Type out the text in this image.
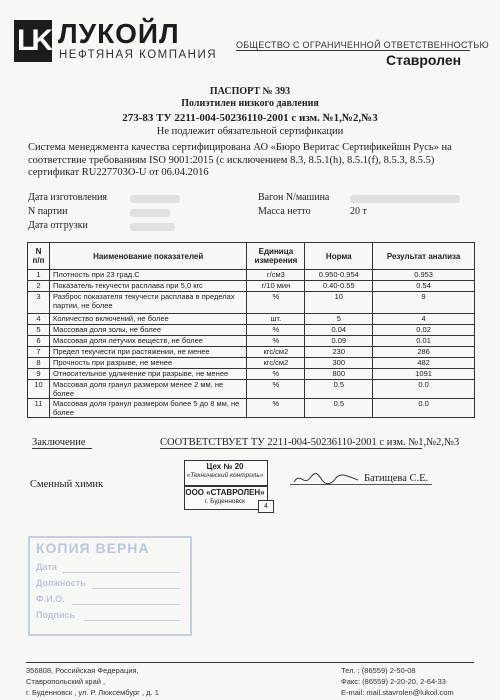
LK ЛУКОЙЛ
НЕФТЯНАЯ КОМПАНИЯ
ОБЩЕСТВО С ОГРАНИЧЕННОЙ ОТВЕТСТВЕННОСТЬЮ
Ставролен
ПАСПОРТ № 393
Полиэтилен низкого давления
273-83 ТУ 2211-004-50236110-2001 с изм. №1,№2,№3
Не подлежит обязательной сертификации
Система менеджмента качества сертифицирована АО «Бюро Веритас Сертификейшн Русь» на соответствие требованиям ISO 9001:2015 (с исключением 8.3, 8.5.1(h), 8.5.1(f), 8.5.3, 8.5.5) сертификат RU227703O-U от 06.04.2016
Дата изготовления
N партии
Дата отгрузки
Вагон N/машина
Масса нетто	20 т
N п/п	Наименование показателей	Единица измерения	Норма	Результат анализа
1	Плотность при 23 град.С	г/см3	0.950-0.954	0.953
2	Показатель текучести расплава при 5,0 кгс	г/10 мин	0.40-0.55	0.54
3	Разброс показателя текучести расплава в пределах партии, не более	%	10	9
4	Количество включений, не более	шт.	5	4
5	Массовая доля золы, не более	%	0.04	0.02
6	Массовая доля летучих веществ, не более	%	0.09	0.01
7	Предел текучести при растяжении, не менее	кгс/см2	230	286
8	Прочность при разрыве, не менее	кгс/см2	300	482
9	Относительное удлинение при разрыве, не менее	%	800	1091
10	Массовая доля гранул размером менее 2 мм, не более	%	0.5	0.0
11	Массовая доля гранул размером более 5 до 8 мм, не более	%	0.5	0.0
Заключение	СООТВЕТСТВУЕТ ТУ 2211-004-50236110-2001 с изм. №1,№2,№3
Цех № 20
«Технический контроль»
ООО «СТАВРОЛЕН»
г. Буденновск
4
Сменный химик
Батищева С.Е.
КОПИЯ ВЕРНА
Дата
Должность
Ф.И.О.
Подпись
356808, Российская Федерация,
Ставропольский край ,
г. Буденновск , ул. Р. Люксембург , д. 1
Тел. : (86559) 2-50-08
Факс: (86559) 2-20-20, 2-64-33
E-mail: mail.stavrolen@lukoil.com
